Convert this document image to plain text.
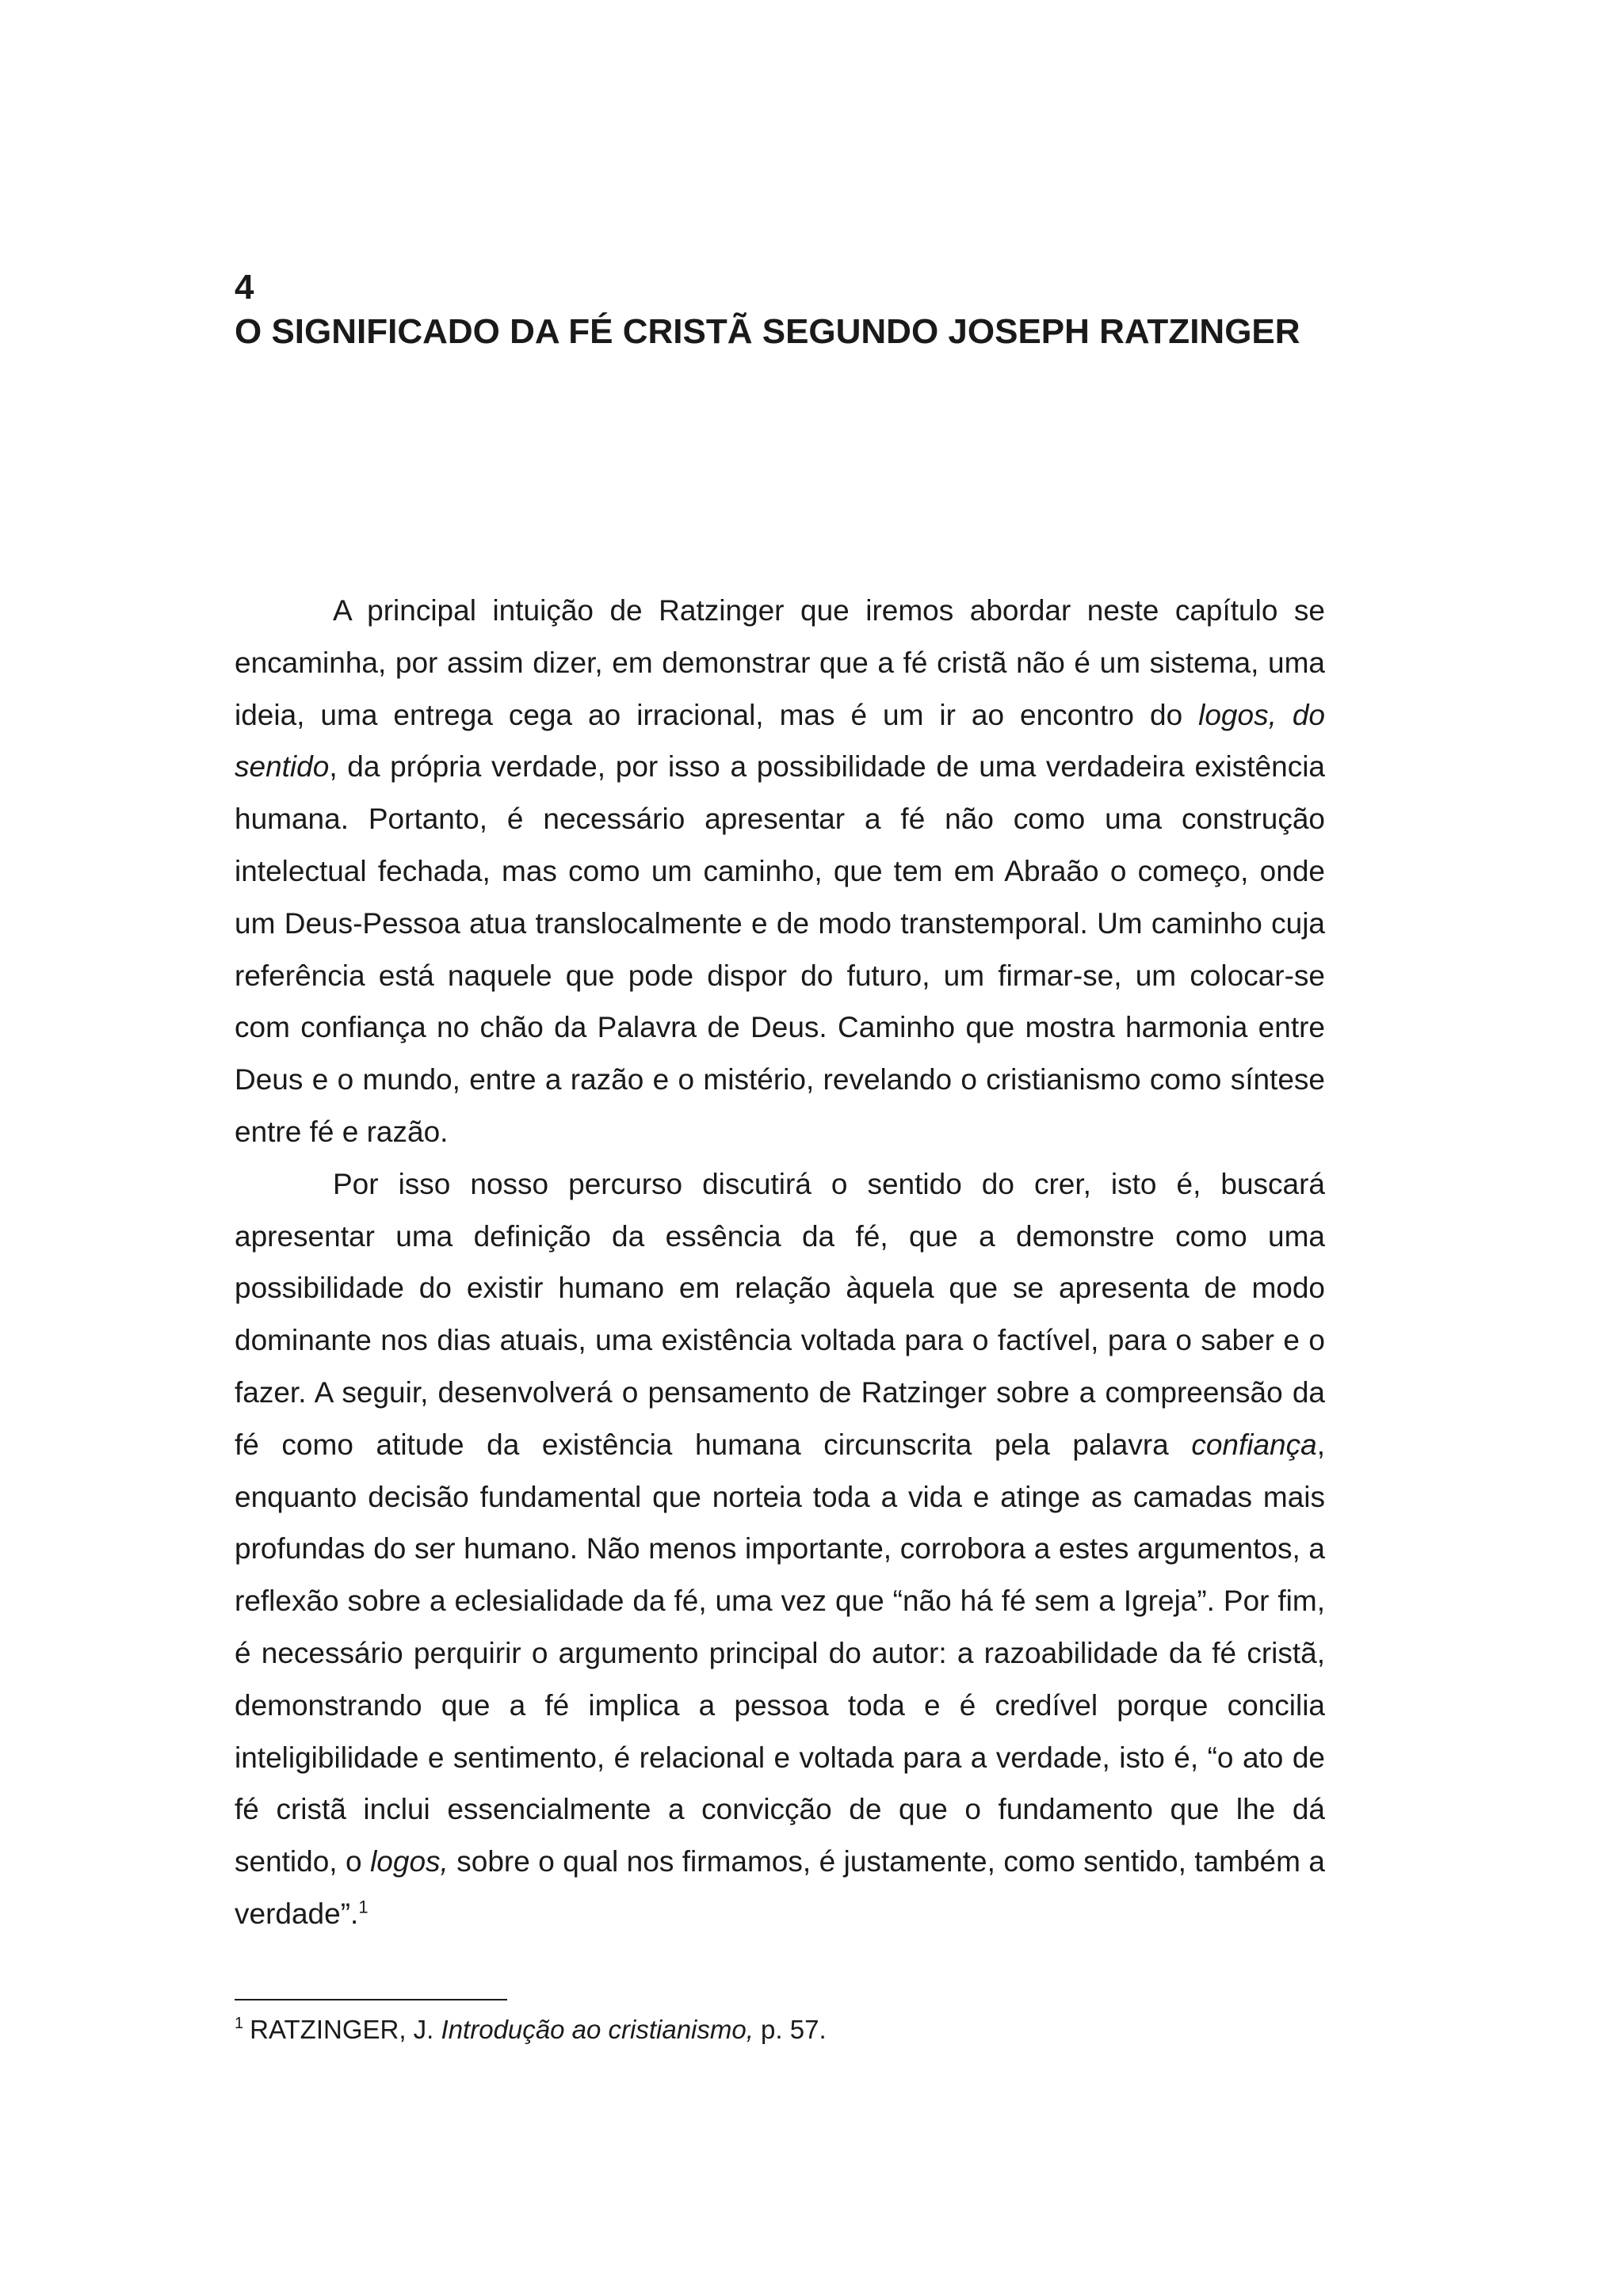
4
O SIGNIFICADO DA FÉ CRISTÃ SEGUNDO JOSEPH RATZINGER

A principal intuição de Ratzinger que iremos abordar neste capítulo se encaminha, por assim dizer, em demonstrar que a fé cristã não é um sistema, uma ideia, uma entrega cega ao irracional, mas é um ir ao encontro do logos, do sentido, da própria verdade, por isso a possibilidade de uma verdadeira existência humana. Portanto, é necessário apresentar a fé não como uma construção intelectual fechada, mas como um caminho, que tem em Abraão o começo, onde um Deus-Pessoa atua translocalmente e de modo transtemporal. Um caminho cuja referência está naquele que pode dispor do futuro, um firmar-se, um colocar-se com confiança no chão da Palavra de Deus. Caminho que mostra harmonia entre Deus e o mundo, entre a razão e o mistério, revelando o cristianismo como síntese entre fé e razão.

Por isso nosso percurso discutirá o sentido do crer, isto é, buscará apresentar uma definição da essência da fé, que a demonstre como uma possibilidade do existir humano em relação àquela que se apresenta de modo dominante nos dias atuais, uma existência voltada para o factível, para o saber e o fazer. A seguir, desenvolverá o pensamento de Ratzinger sobre a compreensão da fé como atitude da existência humana circunscrita pela palavra confiança, enquanto decisão fundamental que norteia toda a vida e atinge as camadas mais profundas do ser humano. Não menos importante, corrobora a estes argumentos, a reflexão sobre a eclesialidade da fé, uma vez que “não há fé sem a Igreja”. Por fim, é necessário perquirir o argumento principal do autor: a razoabilidade da fé cristã, demonstrando que a fé implica a pessoa toda e é credível porque concilia inteligibilidade e sentimento, é relacional e voltada para a verdade, isto é, “o ato de fé cristã inclui essencialmente a convicção de que o fundamento que lhe dá sentido, o logos, sobre o qual nos firmamos, é justamente, como sentido, também a verdade”.$^1$

$^1$ RATZINGER, J. Introdução ao cristianismo, p. 57.
